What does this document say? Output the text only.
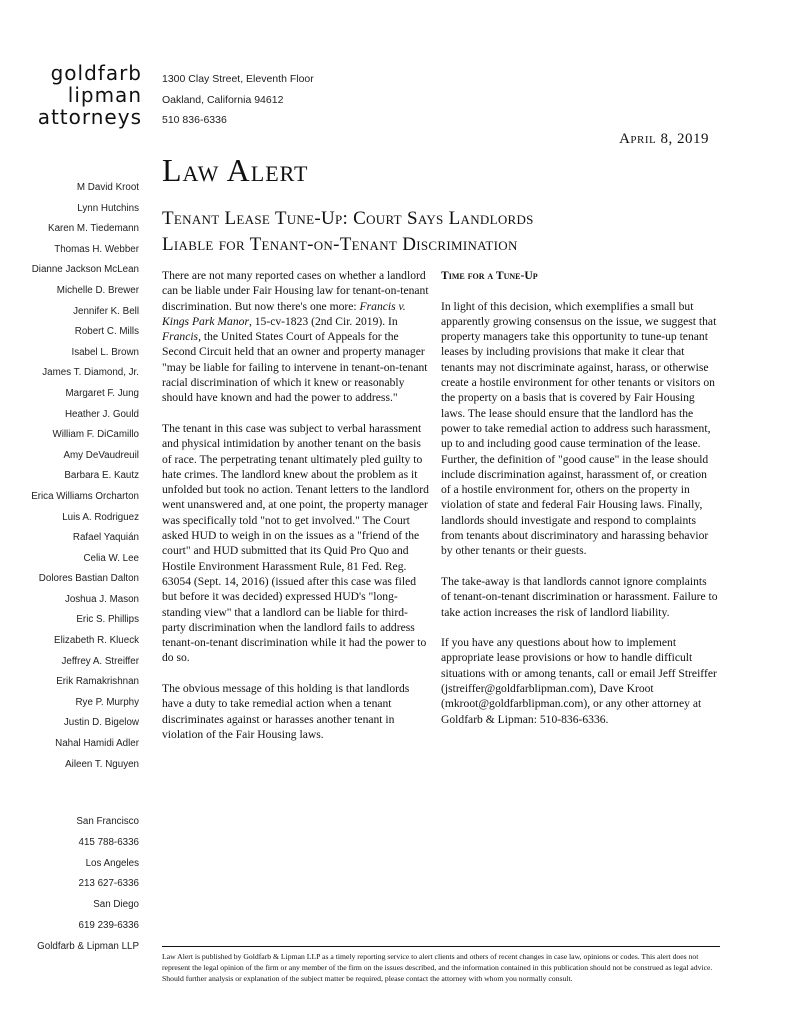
goldfarb
lipman
attorneys
1300 Clay Street, Eleventh Floor
Oakland, California 94612
510 836-6336
April 8, 2019
Law Alert
M David Kroot
Lynn Hutchins
Karen M. Tiedemann
Thomas H. Webber
Dianne Jackson McLean
Michelle D. Brewer
Jennifer K. Bell
Robert C. Mills
Isabel L. Brown
James T. Diamond, Jr.
Margaret F. Jung
Heather J. Gould
William F. DiCamillo
Amy DeVaudreuil
Barbara E. Kautz
Erica Williams Orcharton
Luis A. Rodriguez
Rafael Yaquián
Celia W. Lee
Dolores Bastian Dalton
Joshua J. Mason
Eric S. Phillips
Elizabeth R. Klueck
Jeffrey A. Streiffer
Erik Ramakrishnan
Rye P. Murphy
Justin D. Bigelow
Nahal Hamidi Adler
Aileen T. Nguyen
San Francisco
415 788-6336
Los Angeles
213 627-6336
San Diego
619 239-6336
Goldfarb & Lipman LLP
Tenant Lease Tune-Up: Court Says Landlords
Liable for Tenant-on-Tenant Discrimination

There are not many reported cases on whether a landlord can be liable under Fair Housing law for tenant-on-tenant discrimination. But now there's one more: Francis v. Kings Park Manor, 15-cv-1823 (2nd Cir. 2019). In Francis, the United States Court of Appeals for the Second Circuit held that an owner and property manager "may be liable for failing to intervene in tenant-on-tenant racial discrimination of which it knew or reasonably should have known and had the power to address."

The tenant in this case was subject to verbal harassment and physical intimidation by another tenant on the basis of race. The perpetrating tenant ultimately pled guilty to hate crimes. The landlord knew about the problem as it unfolded but took no action. Tenant letters to the landlord went unanswered and, at one point, the property manager was specifically told "not to get involved." The Court asked HUD to weigh in on the issues as a "friend of the court" and HUD submitted that its Quid Pro Quo and Hostile Environment Harassment Rule, 81 Fed. Reg. 63054 (Sept. 14, 2016) (issued after this case was filed but before it was decided) expressed HUD's "long-standing view" that a landlord can be liable for third-party discrimination when the landlord fails to address tenant-on-tenant discrimination while it had the power to do so.

The obvious message of this holding is that landlords have a duty to take remedial action when a tenant discriminates against or harasses another tenant in violation of the Fair Housing laws.

Time for a Tune-Up

In light of this decision, which exemplifies a small but apparently growing consensus on the issue, we suggest that property managers take this opportunity to tune-up tenant leases by including provisions that make it clear that tenants may not discriminate against, harass, or otherwise create a hostile environment for other tenants or visitors on the property on a basis that is covered by Fair Housing laws. The lease should ensure that the landlord has the power to take remedial action to address such harassment, up to and including good cause termination of the lease. Further, the definition of "good cause" in the lease should include discrimination against, harassment of, or creation of a hostile environment for, others on the property in violation of state and federal Fair Housing laws. Finally, landlords should investigate and respond to complaints from tenants about discriminatory and harassing behavior by other tenants or their guests.

The take-away is that landlords cannot ignore complaints of tenant-on-tenant discrimination or harassment. Failure to take action increases the risk of landlord liability.

If you have any questions about how to implement appropriate lease provisions or how to handle difficult situations with or among tenants, call or email Jeff Streiffer (jstreiffer@goldfarblipman.com), Dave Kroot (mkroot@goldfarblipman.com), or any other attorney at Goldfarb & Lipman: 510-836-6336.

Law Alert is published by Goldfarb & Lipman LLP as a timely reporting service to alert clients and others of recent changes in case law, opinions or codes. This alert does not represent the legal opinion of the firm or any member of the firm on the issues described, and the information contained in this publication should not be construed as legal advice. Should further analysis or explanation of the subject matter be required, please contact the attorney with whom you normally consult.
